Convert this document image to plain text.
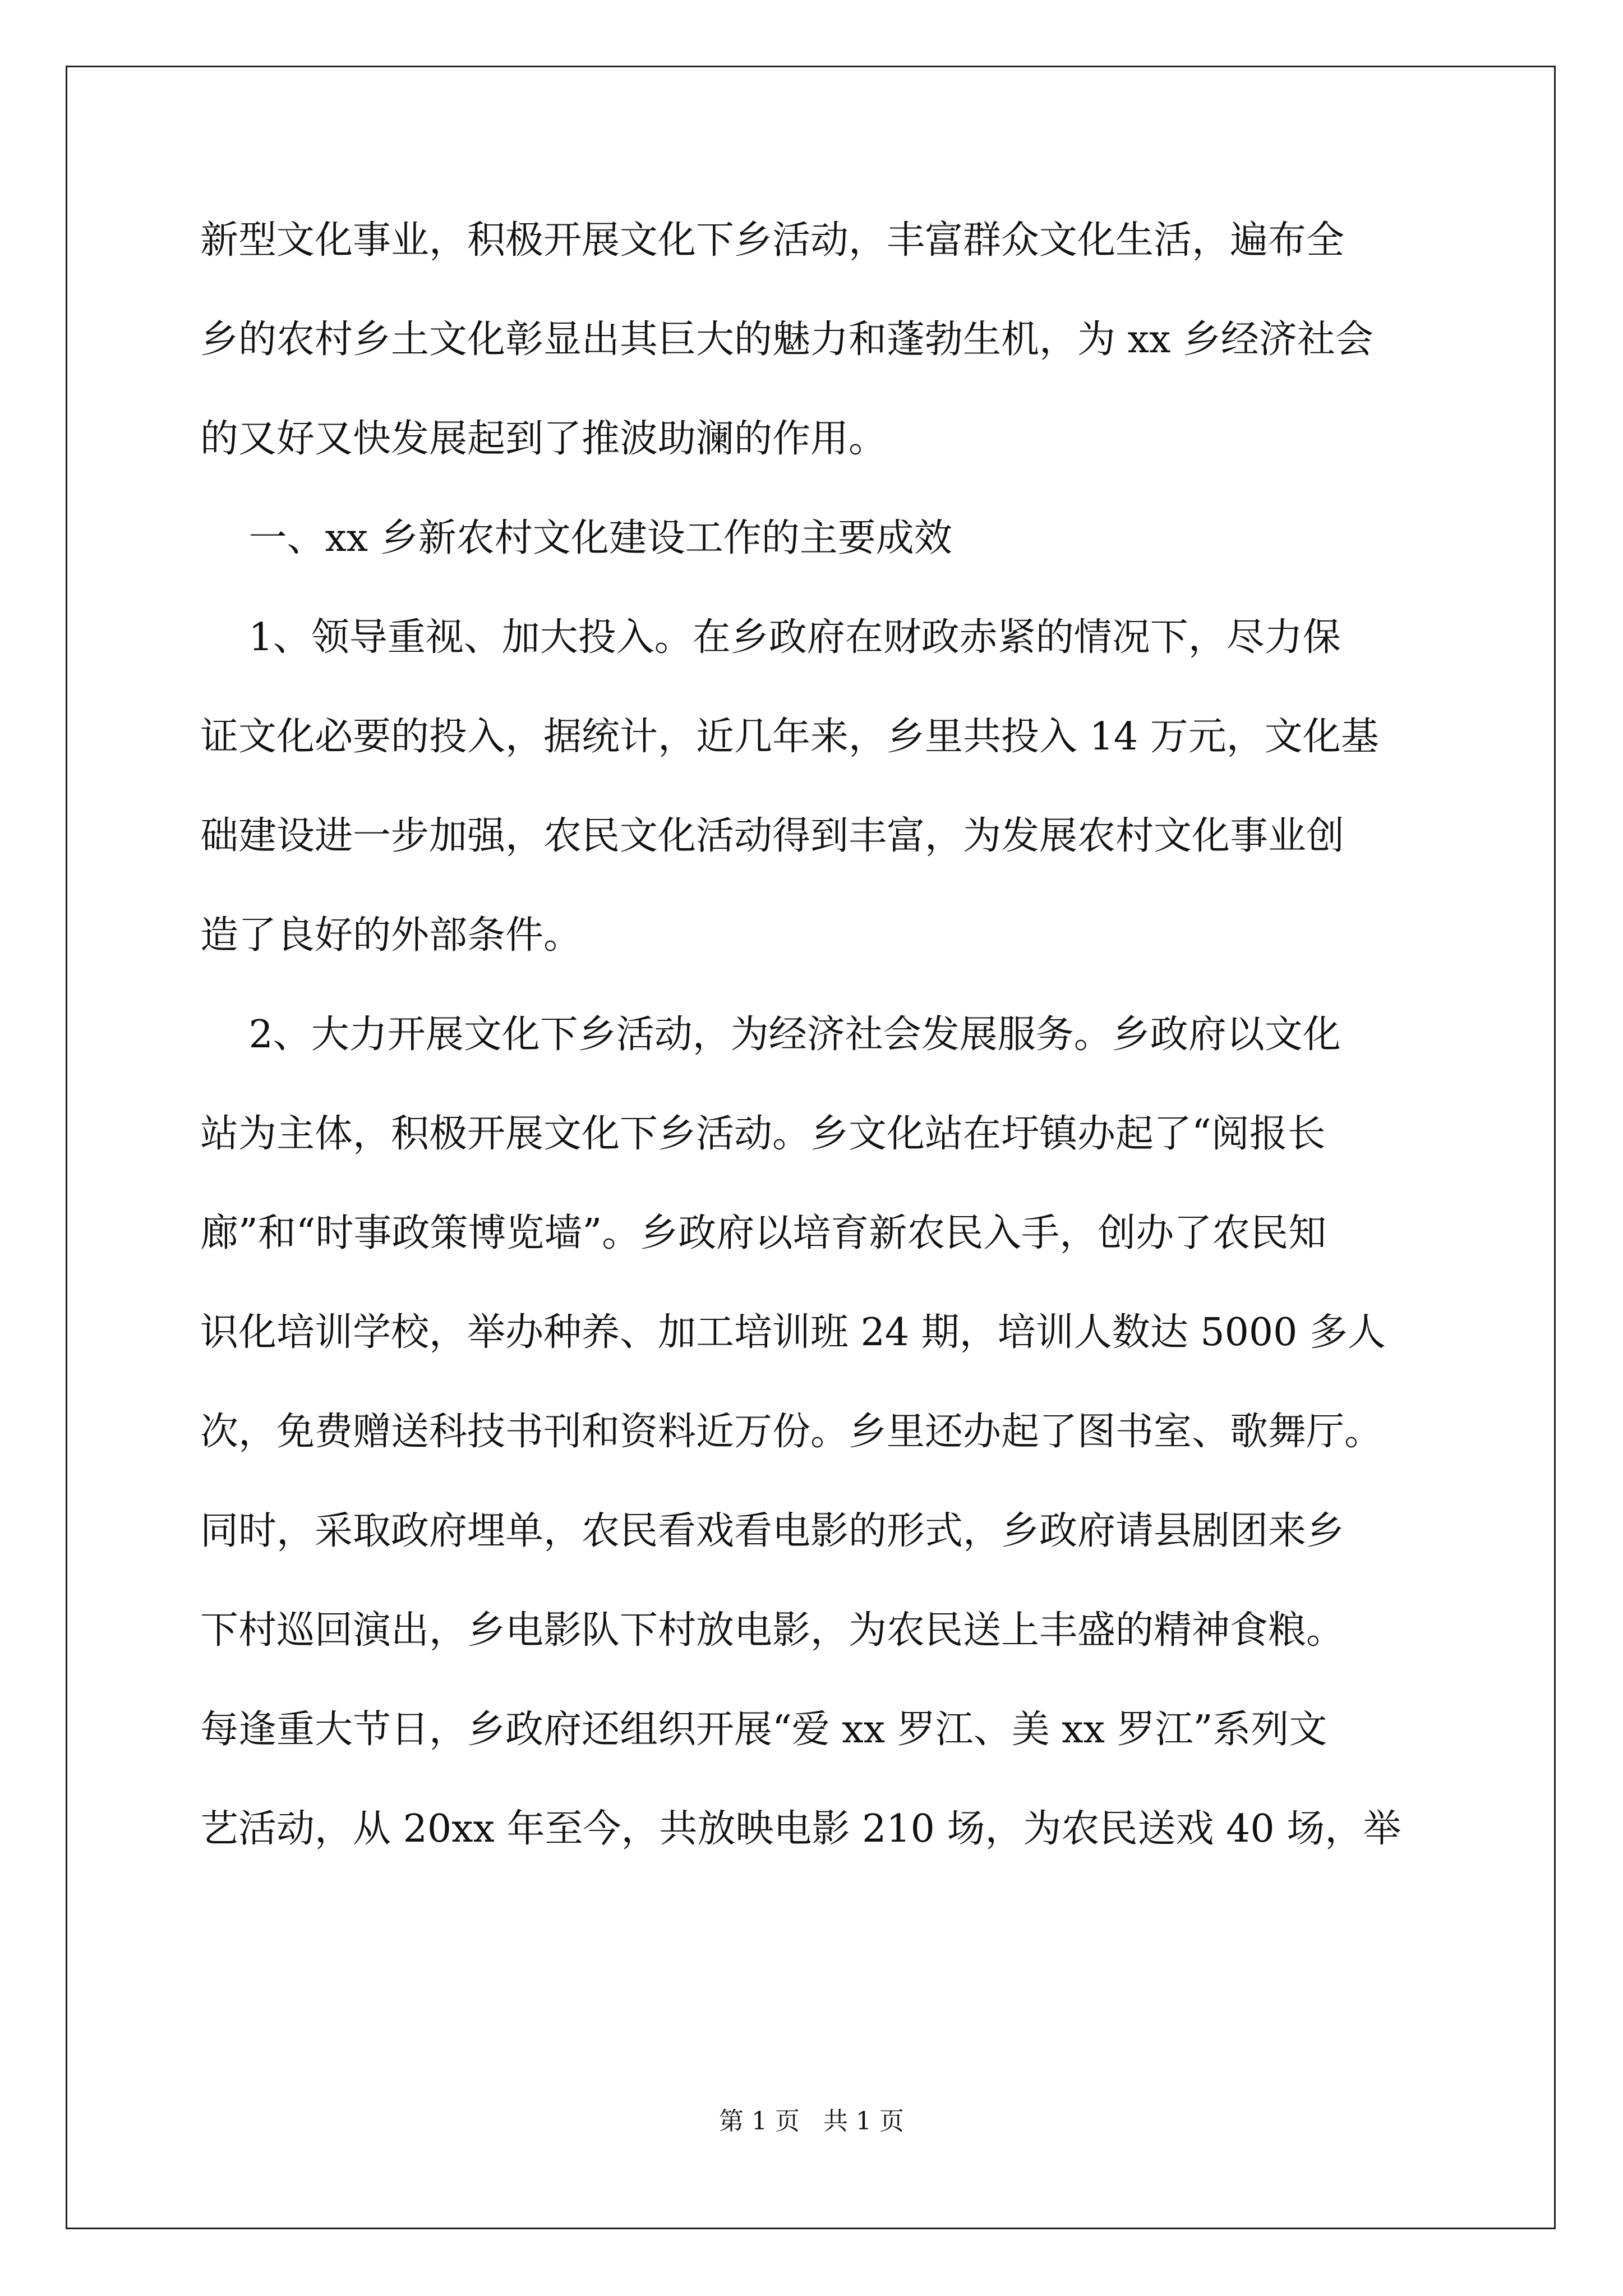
新型文化事业，积极开展文化下乡活动，丰富群众文化生活，遍布全
乡的农村乡土文化彰显出其巨大的魅力和蓬勃生机，为 xx 乡经济社会
的又好又快发展起到了推波助澜的作用。
一、xx 乡新农村文化建设工作的主要成效
1、领导重视、加大投入。在乡政府在财政赤紧的情况下，尽力保
证文化必要的投入，据统计，近几年来，乡里共投入 14 万元，文化基
础建设进一步加强，农民文化活动得到丰富，为发展农村文化事业创
造了良好的外部条件。
2、大力开展文化下乡活动，为经济社会发展服务。乡政府以文化
站为主体，积极开展文化下乡活动。乡文化站在圩镇办起了“阅报长
廊”和“时事政策博览墙”。乡政府以培育新农民入手，创办了农民知
识化培训学校，举办种养、加工培训班 24 期，培训人数达 5000 多人
次，免费赠送科技书刊和资料近万份。乡里还办起了图书室、歌舞厅。
同时，采取政府埋单，农民看戏看电影的形式，乡政府请县剧团来乡
下村巡回演出，乡电影队下村放电影，为农民送上丰盛的精神食粮。
每逢重大节日，乡政府还组织开展“爱 xx 罗江、美 xx 罗江”系列文
艺活动，从 20xx 年至今，共放映电影 210 场，为农民送戏 40 场，举
第 1 页   共 1 页
